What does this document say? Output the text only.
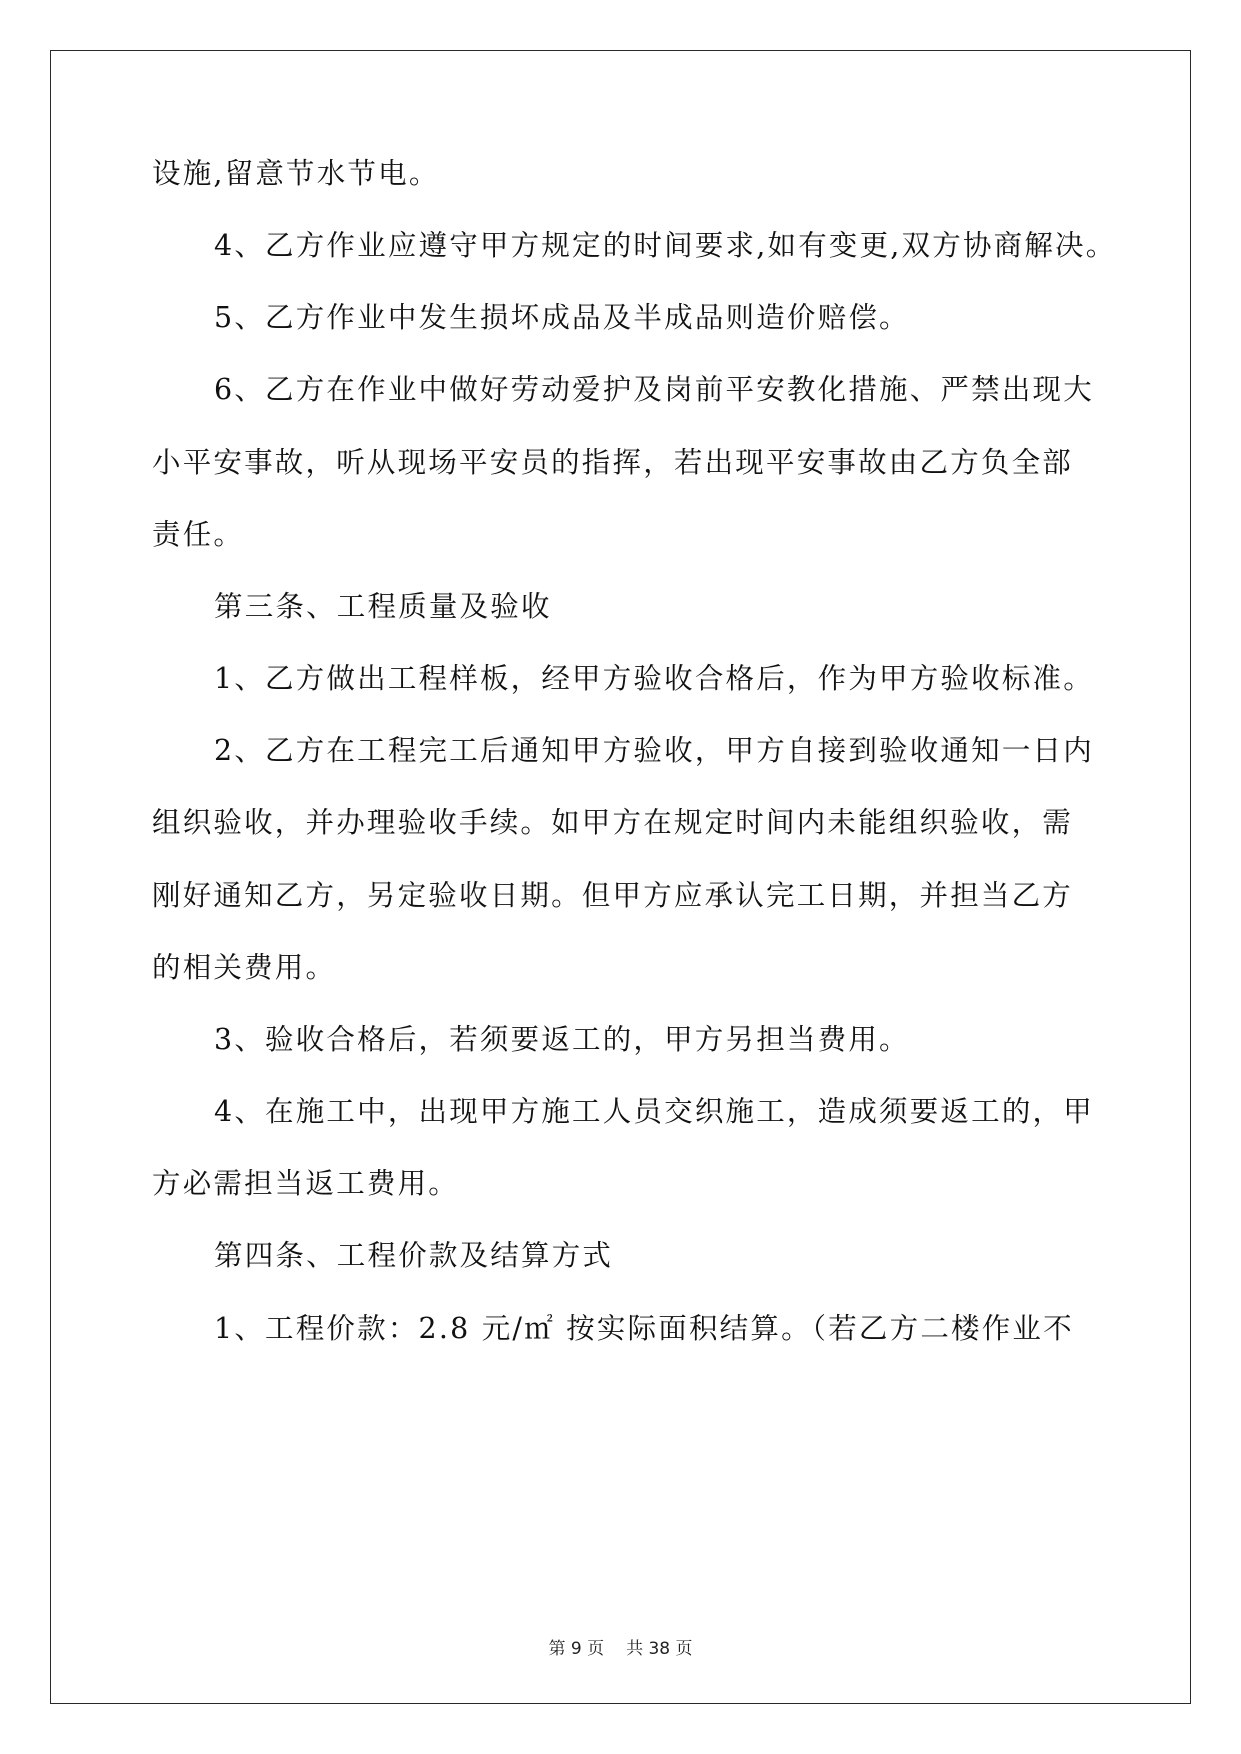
设施,留意节水节电。
4、乙方作业应遵守甲方规定的时间要求,如有变更,双方协商解决。
5、乙方作业中发生损坏成品及半成品则造价赔偿。
6、乙方在作业中做好劳动爱护及岗前平安教化措施、严禁出现大
小平安事故，听从现场平安员的指挥，若出现平安事故由乙方负全部
责任。
第三条、工程质量及验收
1、乙方做出工程样板，经甲方验收合格后，作为甲方验收标准。
2、乙方在工程完工后通知甲方验收，甲方自接到验收通知一日内
组织验收，并办理验收手续。如甲方在规定时间内未能组织验收，需
刚好通知乙方，另定验收日期。但甲方应承认完工日期，并担当乙方
的相关费用。
3、验收合格后，若须要返工的，甲方另担当费用。
4、在施工中，出现甲方施工人员交织施工，造成须要返工的，甲
方必需担当返工费用。
第四条、工程价款及结算方式
1、工程价款：2.8 元/㎡ 按实际面积结算。（若乙方二楼作业不
第 9 页 共 38 页
